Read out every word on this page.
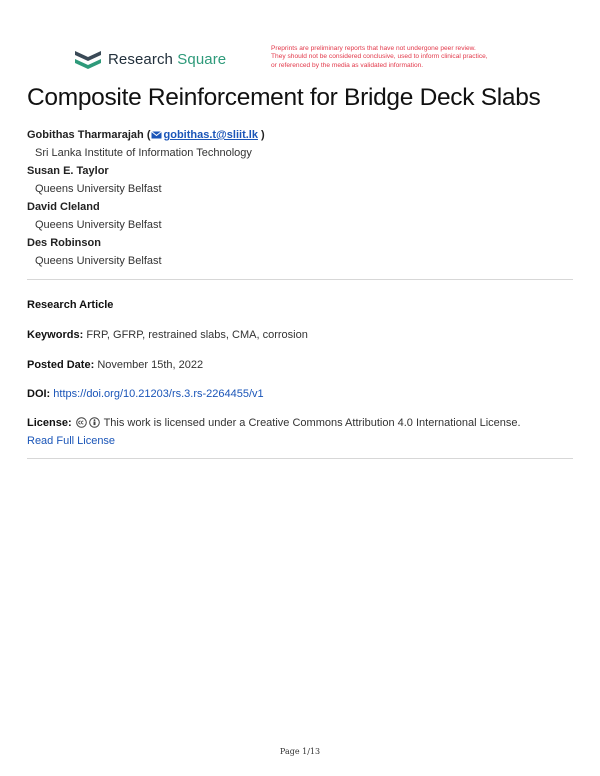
Research Square
Preprints are preliminary reports that have not undergone peer review.
They should not be considered conclusive, used to inform clinical practice,
or referenced by the media as validated information.
Composite Reinforcement for Bridge Deck Slabs
Gobithas Tharmarajah ( gobithas.t@sliit.lk )
Sri Lanka Institute of Information Technology
Susan E. Taylor
Queens University Belfast
David Cleland
Queens University Belfast
Des Robinson
Queens University Belfast
Research Article
Keywords: FRP, GFRP, restrained slabs, CMA, corrosion
Posted Date: November 15th, 2022
DOI: https://doi.org/10.21203/rs.3.rs-2264455/v1
License:	This work is licensed under a Creative Commons Attribution 4.0 International License.
Read Full License
Page 1/13
